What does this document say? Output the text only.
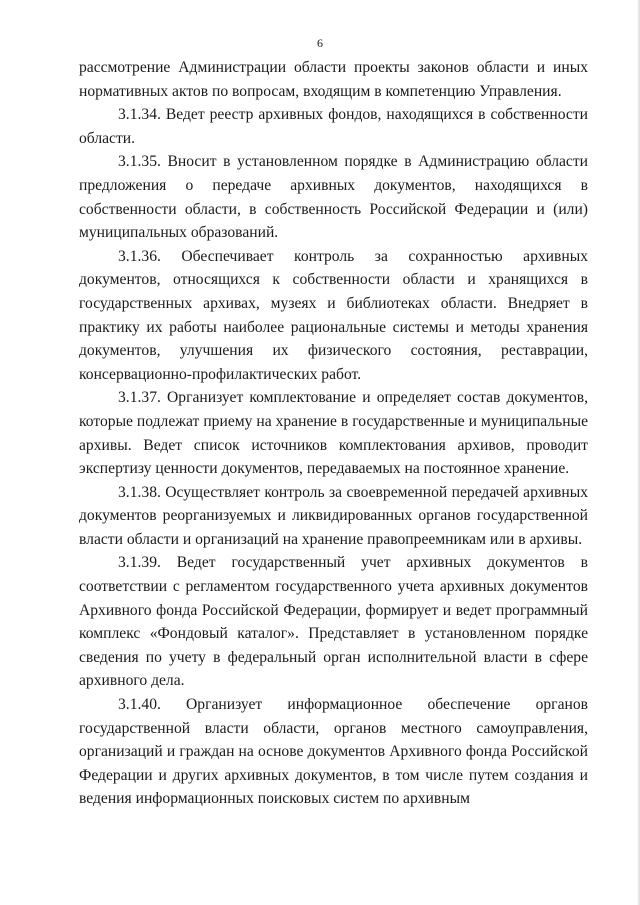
6

рассмотрение Администрации области проекты законов области и иных нормативных актов по вопросам, входящим в компетенцию Управления.

3.1.34. Ведет реестр архивных фондов, находящихся в собственности области.

3.1.35. Вносит в установленном порядке в Администрацию области предложения о передаче архивных документов, находящихся в собственности области, в собственность Российской Федерации и (или) муниципальных образований.

3.1.36. Обеспечивает контроль за сохранностью архивных документов, относящихся к собственности области и хранящихся в государственных архивах, музеях и библиотеках области. Внедряет в практику их работы наиболее рациональные системы и методы хранения документов, улучшения их физического состояния, реставрации, консервационно-профилактических работ.

3.1.37. Организует комплектование и определяет состав документов, которые подлежат приему на хранение в государственные и муниципальные архивы. Ведет список источников комплектования архивов, проводит экспертизу ценности документов, передаваемых на постоянное хранение.

3.1.38. Осуществляет контроль за своевременной передачей архивных документов реорганизуемых и ликвидированных органов государственной власти области и организаций на хранение правопреемникам или в архивы.

3.1.39. Ведет государственный учет архивных документов в соответствии с регламентом государственного учета архивных документов Архивного фонда Российской Федерации, формирует и ведет программный комплекс «Фондовый каталог». Представляет в установленном порядке сведения по учету в федеральный орган исполнительной власти в сфере архивного дела.

3.1.40. Организует информационное обеспечение органов государственной власти области, органов местного самоуправления, организаций и граждан на основе документов Архивного фонда Российской Федерации и других архивных документов, в том числе путем создания и ведения информационных поисковых систем по архивным
